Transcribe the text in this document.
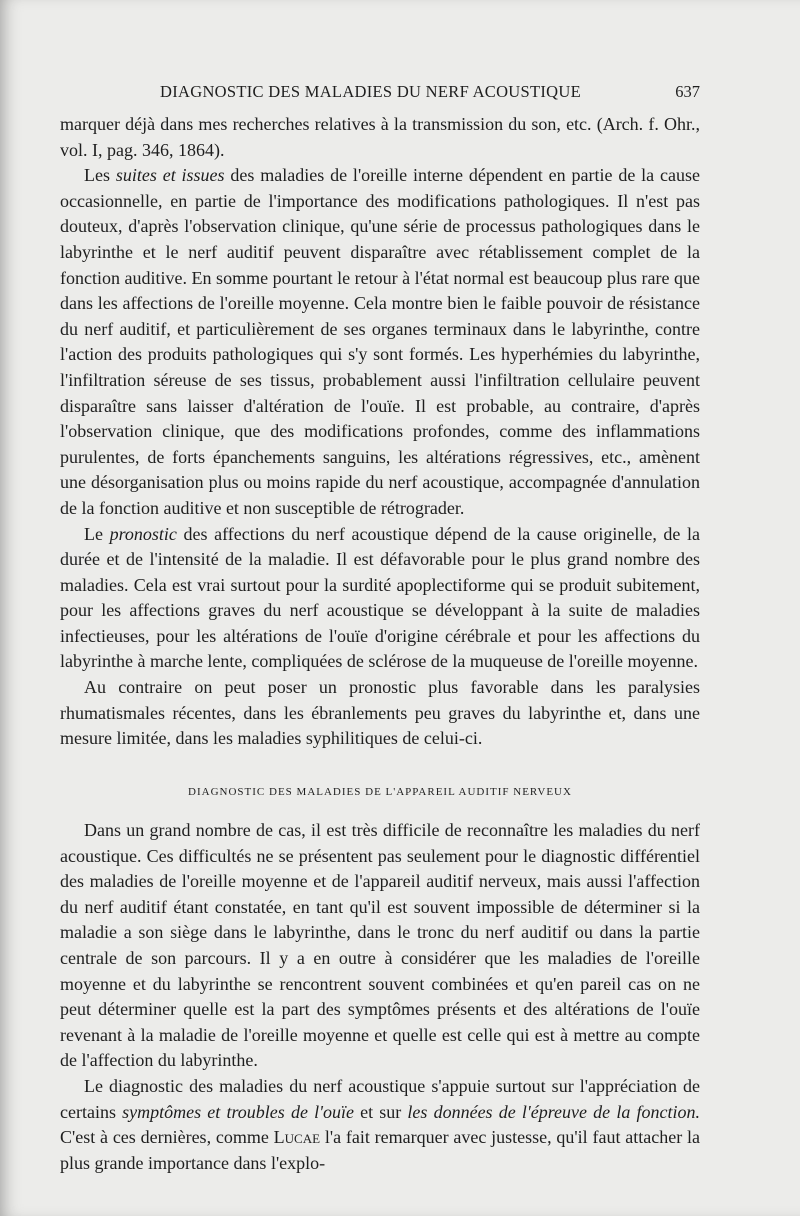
DIAGNOSTIC DES MALADIES DU NERF ACOUSTIQUE	637

marquer déjà dans mes recherches relatives à la transmission du son, etc. (Arch. f. Ohr., vol. I, pag. 346, 1864).

Les suites et issues des maladies de l'oreille interne dépendent en partie de la cause occasionnelle, en partie de l'importance des modifications pathologiques. Il n'est pas douteux, d'après l'observation clinique, qu'une série de processus pathologiques dans le labyrinthe et le nerf auditif peuvent disparaître avec rétablissement complet de la fonction auditive. En somme pourtant le retour à l'état normal est beaucoup plus rare que dans les affections de l'oreille moyenne. Cela montre bien le faible pouvoir de résistance du nerf auditif, et particulièrement de ses organes terminaux dans le labyrinthe, contre l'action des produits pathologiques qui s'y sont formés. Les hyperhémies du labyrinthe, l'infiltration séreuse de ses tissus, probablement aussi l'infiltration cellulaire peuvent disparaître sans laisser d'altération de l'ouïe. Il est probable, au contraire, d'après l'observation clinique, que des modifications profondes, comme des inflammations purulentes, de forts épanchements sanguins, les altérations régressives, etc., amènent une désorganisation plus ou moins rapide du nerf acoustique, accompagnée d'annulation de la fonction auditive et non susceptible de rétrograder.

Le pronostic des affections du nerf acoustique dépend de la cause originelle, de la durée et de l'intensité de la maladie. Il est défavorable pour le plus grand nombre des maladies. Cela est vrai surtout pour la surdité apoplectiforme qui se produit subitement, pour les affections graves du nerf acoustique se développant à la suite de maladies infectieuses, pour les altérations de l'ouïe d'origine cérébrale et pour les affections du labyrinthe à marche lente, compliquées de sclérose de la muqueuse de l'oreille moyenne.

Au contraire on peut poser un pronostic plus favorable dans les paralysies rhumatismales récentes, dans les ébranlements peu graves du labyrinthe et, dans une mesure limitée, dans les maladies syphilitiques de celui-ci.

DIAGNOSTIC DES MALADIES DE L'APPAREIL AUDITIF NERVEUX

Dans un grand nombre de cas, il est très difficile de reconnaître les maladies du nerf acoustique. Ces difficultés ne se présentent pas seulement pour le diagnostic différentiel des maladies de l'oreille moyenne et de l'appareil auditif nerveux, mais aussi l'affection du nerf auditif étant constatée, en tant qu'il est souvent impossible de déterminer si la maladie a son siège dans le labyrinthe, dans le tronc du nerf auditif ou dans la partie centrale de son parcours. Il y a en outre à considérer que les maladies de l'oreille moyenne et du labyrinthe se rencontrent souvent combinées et qu'en pareil cas on ne peut déterminer quelle est la part des symptômes présents et des altérations de l'ouïe revenant à la maladie de l'oreille moyenne et quelle est celle qui est à mettre au compte de l'affection du labyrinthe.

Le diagnostic des maladies du nerf acoustique s'appuie surtout sur l'appréciation de certains symptômes et troubles de l'ouïe et sur les données de l'épreuve de la fonction. C'est à ces dernières, comme Lucae l'a fait remarquer avec justesse, qu'il faut attacher la plus grande importance dans l'explo-
